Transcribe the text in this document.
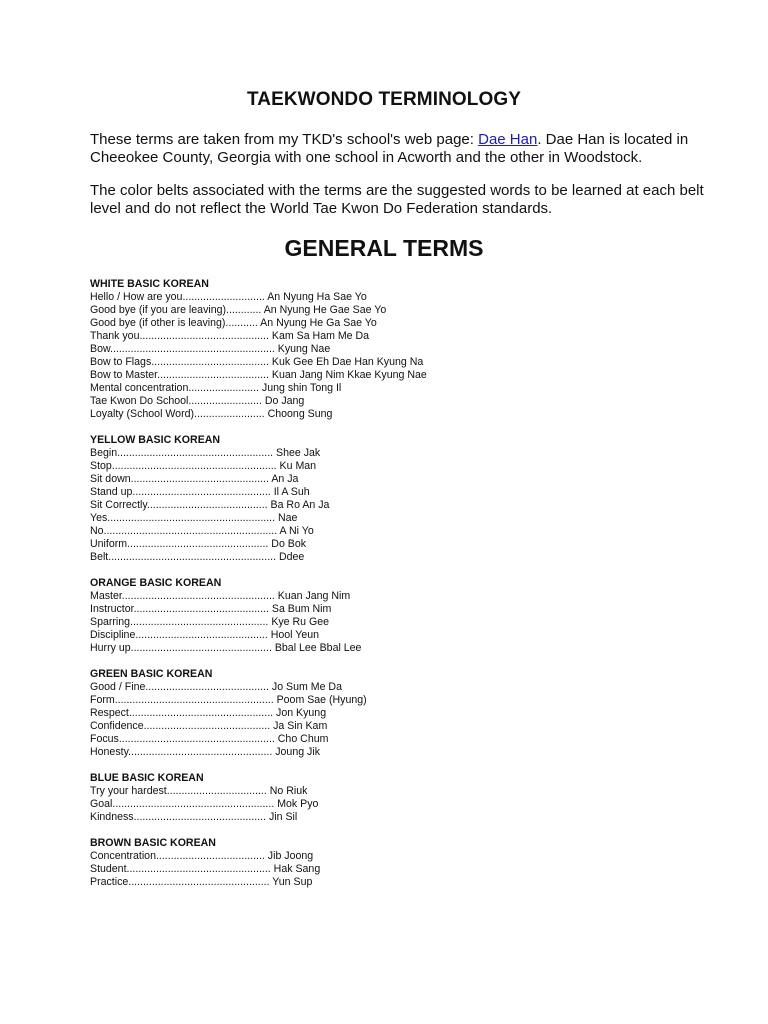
TAEKWONDO TERMINOLOGY

These terms are taken from my TKD's school's web page: Dae Han. Dae Han is located in Cheeokee County, Georgia with one school in Acworth and the other in Woodstock.

The color belts associated with the terms are the suggested words to be learned at each belt level and do not reflect the World Tae Kwon Do Federation standards.

GENERAL TERMS
WHITE BASIC KOREAN
Hello / How are you............................ An Nyung Ha Sae Yo
Good bye (if you are leaving)............ An Nyung He Gae Sae Yo
Good bye (if other is leaving)........... An Nyung He Ga Sae Yo
Thank you............................................ Kam Sa Ham Me Da
Bow........................................................ Kyung Nae
Bow to Flags........................................ Kuk Gee Eh Dae Han Kyung Na
Bow to Master...................................... Kuan Jang Nim Kkae Kyung Nae
Mental concentration........................ Jung shin Tong Il
Tae Kwon Do School......................... Do Jang
Loyalty (School Word)........................ Choong Sung
YELLOW BASIC KOREAN
Begin..................................................... Shee Jak
Stop........................................................ Ku Man
Sit down............................................... An Ja
Stand up............................................... Il A Suh
Sit Correctly......................................... Ba Ro An Ja
Yes......................................................... Nae
No........................................................... A Ni Yo
Uniform................................................ Do Bok
Belt......................................................... Ddee
ORANGE BASIC KOREAN
Master.................................................... Kuan Jang Nim
Instructor.............................................. Sa Bum Nim
Sparring............................................... Kye Ru Gee
Discipline............................................. Hool Yeun
Hurry up................................................ Bbal Lee Bbal Lee
GREEN BASIC KOREAN
Good / Fine.......................................... Jo Sum Me Da
Form...................................................... Poom Sae (Hyung)
Respect................................................. Jon Kyung
Confidence........................................... Ja Sin Kam
Focus..................................................... Cho Chum
Honesty................................................. Joung Jik
BLUE BASIC KOREAN
Try your hardest.................................. No Riuk
Goal....................................................... Mok Pyo
Kindness............................................. Jin Sil
BROWN BASIC KOREAN
Concentration..................................... Jib Joong
Student................................................. Hak Sang
Practice................................................ Yun Sup
